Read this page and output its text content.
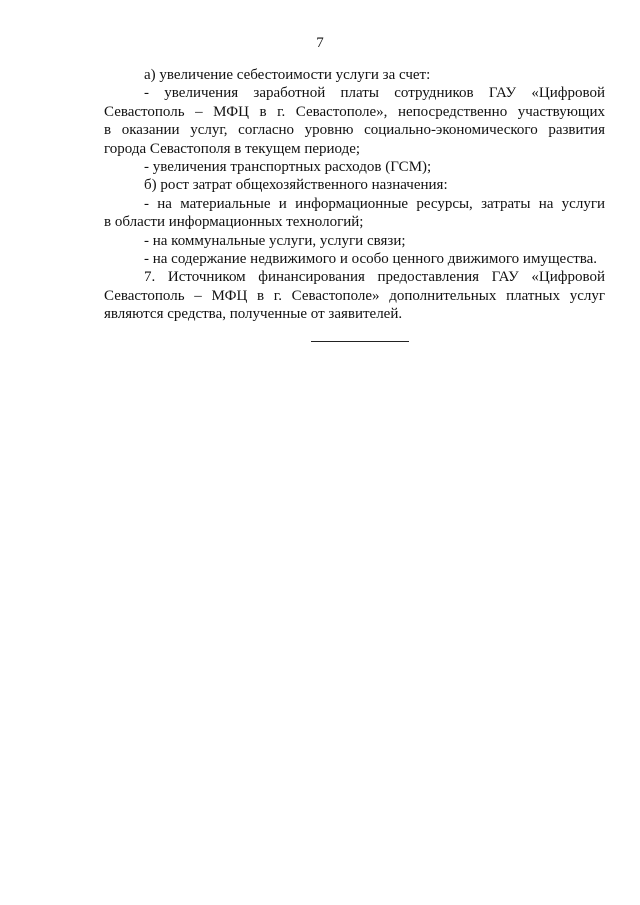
7
а) увеличение себестоимости услуги за счет:
- увеличения заработной платы сотрудников ГАУ «Цифровой
Севастополь – МФЦ в г. Севастополе», непосредственно участвующих
в оказании услуг, согласно уровню социально-экономического развития
города Севастополя в текущем периоде;
- увеличения транспортных расходов (ГСМ);
б) рост затрат общехозяйственного назначения:
- на материальные и информационные ресурсы, затраты на услуги
в области информационных технологий;
- на коммунальные услуги, услуги связи;
- на содержание недвижимого и особо ценного движимого имущества.
7. Источником финансирования предоставления ГАУ «Цифровой
Севастополь – МФЦ в г. Севастополе» дополнительных платных услуг
являются средства, полученные от заявителей.
